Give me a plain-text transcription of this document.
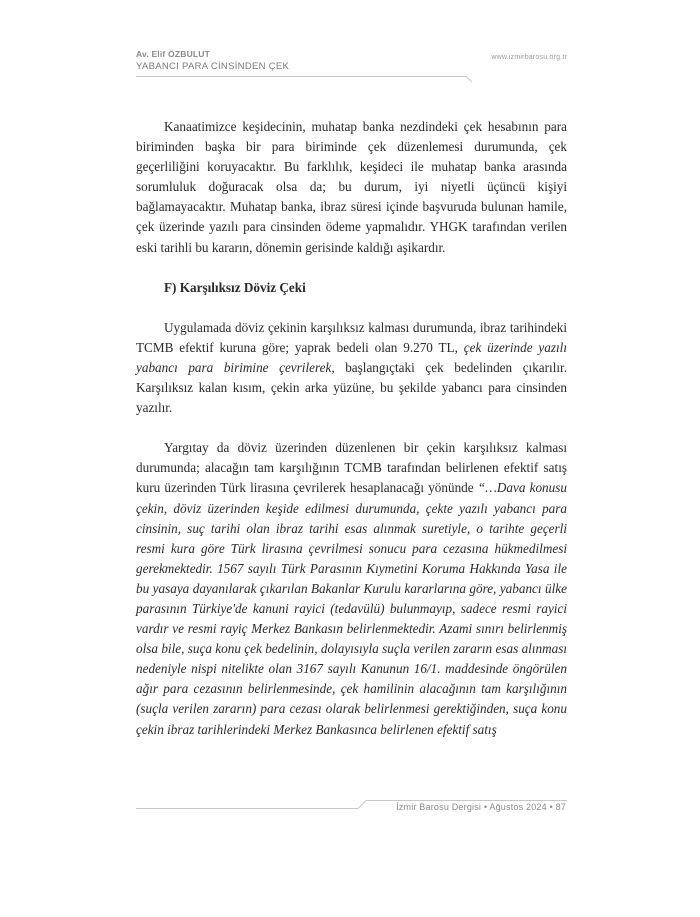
Av. Elif ÖZBULUT
YABANCI PARA CİNSİNDEN ÇEK
www.izmirbarosu.org.tr

Kanaatimizce keşidecinin, muhatap banka nezdindeki çek hesabının para biriminden başka bir para biriminde çek düzenlemesi durumunda, çek geçerliliğini koruyacaktır. Bu farklılık, keşideci ile muhatap banka arasında sorumluluk doğuracak olsa da; bu durum, iyi niyetli üçüncü kişiyi bağlamayacaktır. Muhatap banka, ibraz süresi içinde başvuruda bulunan hamile, çek üzerinde yazılı para cinsinden ödeme yapmalıdır. YHGK tarafından verilen eski tarihli bu kararın, dönemin gerisinde kaldığı aşikardır.

F) Karşılıksız Döviz Çeki

Uygulamada döviz çekinin karşılıksız kalması durumunda, ibraz tarihindeki TCMB efektif kuruna göre; yaprak bedeli olan 9.270 TL, çek üzerinde yazılı yabancı para birimine çevrilerek, başlangıçtaki çek bedelinden çıkarılır. Karşılıksız kalan kısım, çekin arka yüzüne, bu şekilde yabancı para cinsinden yazılır.

Yargıtay da döviz üzerinden düzenlenen bir çekin karşılıksız kalması durumunda; alacağın tam karşılığının TCMB tarafından belirlenen efektif satış kuru üzerinden Türk lirasına çevrilerek hesaplanacağı yönünde “…Dava konusu çekin, döviz üzerinden keşide edilmesi durumunda, çekte yazılı yabancı para cinsinin, suç tarihi olan ibraz tarihi esas alınmak suretiyle, o tarihte geçerli resmi kura göre Türk lirasına çevrilmesi sonucu para cezasına hükmedilmesi gerekmektedir. 1567 sayılı Türk Parasının Kıymetini Koruma Hakkında Yasa ile bu yasaya dayanılarak çıkarılan Bakanlar Kurulu kararlarına göre, yabancı ülke parasının Türkiye'de kanuni rayici (tedavülü) bulunmayıp, sadece resmi rayici vardır ve resmi rayiç Merkez Bankasın belirlenmektedir. Azami sınırı belirlenmiş olsa bile, suça konu çek bedelinin, dolayısıyla suçla verilen zararın esas alınması nedeniyle nispi nitelikte olan 3167 sayılı Kanunun 16/1. maddesinde öngörülen ağır para cezasının belirlenmesinde, çek hamilinin alacağının tam karşılığının (suçla verilen zararın) para cezası olarak belirlenmesi gerektiğinden, suça konu çekin ibraz tarihlerindeki Merkez Bankasınca belirlenen efektif satış

İzmir Barosu Dergisi • Ağustos 2024 • 87
